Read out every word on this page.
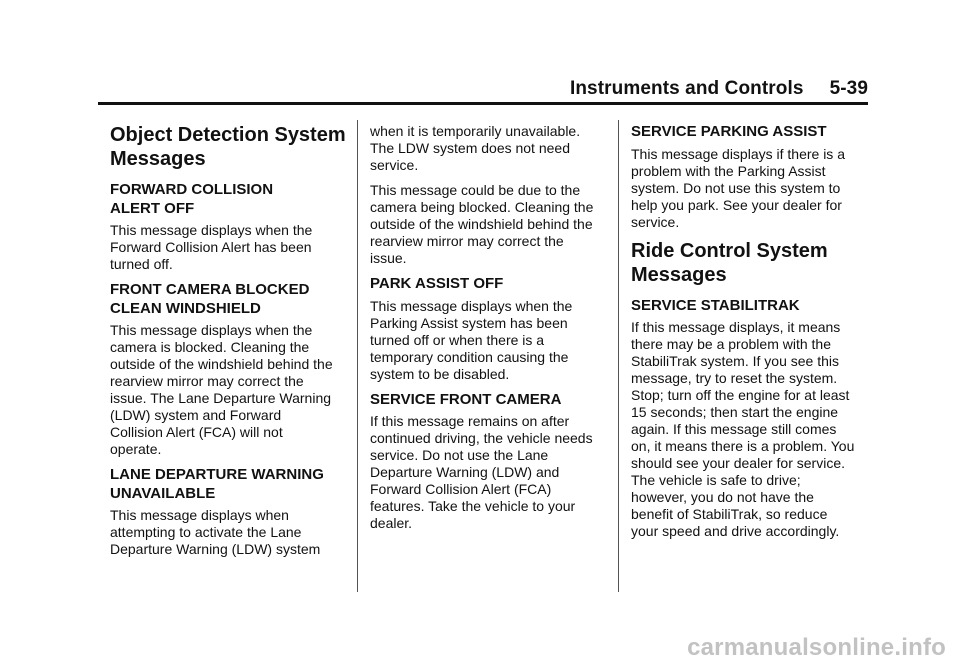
Instruments and Controls 5-39
Object Detection System
Messages
FORWARD COLLISION
ALERT OFF

This message displays when the
Forward Collision Alert has been
turned off.

FRONT CAMERA BLOCKED
CLEAN WINDSHIELD

This message displays when the
camera is blocked. Cleaning the
outside of the windshield behind the
rearview mirror may correct the
issue. The Lane Departure Warning
(LDW) system and Forward
Collision Alert (FCA) will not
operate.

LANE DEPARTURE WARNING
UNAVAILABLE

This message displays when
attempting to activate the Lane
Departure Warning (LDW) system

when it is temporarily unavailable.
The LDW system does not need
service.

This message could be due to the
camera being blocked. Cleaning the
outside of the windshield behind the
rearview mirror may correct the
issue.

PARK ASSIST OFF

This message displays when the
Parking Assist system has been
turned off or when there is a
temporary condition causing the
system to be disabled.

SERVICE FRONT CAMERA

If this message remains on after
continued driving, the vehicle needs
service. Do not use the Lane
Departure Warning (LDW) and
Forward Collision Alert (FCA)
features. Take the vehicle to your
dealer.

SERVICE PARKING ASSIST

This message displays if there is a
problem with the Parking Assist
system. Do not use this system to
help you park. See your dealer for
service.

Ride Control System
Messages
SERVICE STABILITRAK

If this message displays, it means
there may be a problem with the
StabiliTrak system. If you see this
message, try to reset the system.
Stop; turn off the engine for at least
15 seconds; then start the engine
again. If this message still comes
on, it means there is a problem. You
should see your dealer for service.
The vehicle is safe to drive;
however, you do not have the
benefit of StabiliTrak, so reduce
your speed and drive accordingly.

carmanualsonline.info
